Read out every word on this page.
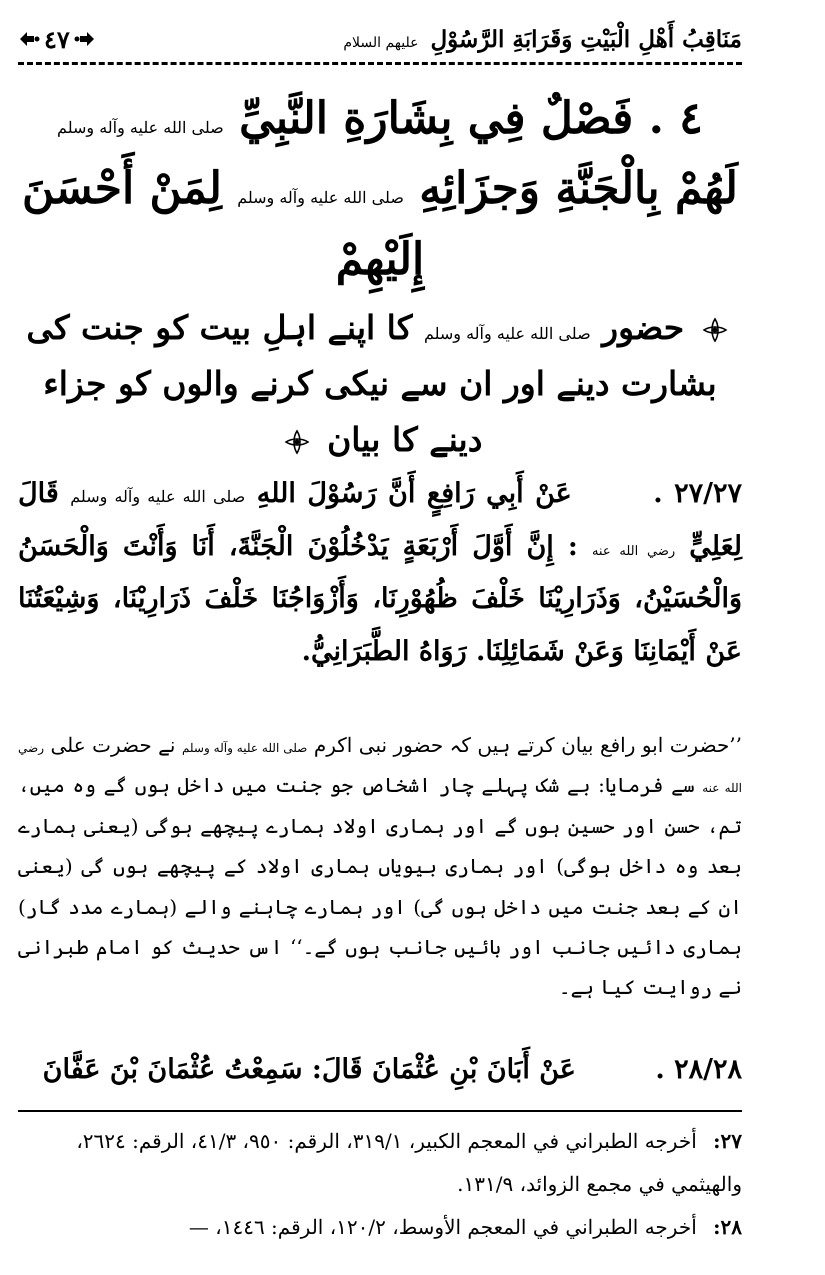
مَنَاقِبُ أَهْلِ الْبَيْتِ وَقَرَابَةِ الرَّسُوْلِ عليهم السلام
٤٧
٤ . فَصْلٌ فِي بِشَارَةِ النَّبِيِّ صلى الله عليه وآله وسلم لَهُمْ بِالْجَنَّةِ وَجزَائِهِ صلى الله عليه وآله وسلم لِمَنْ أَحْسَنَ إِلَيْهِمْ
حضور صلى الله عليه وآله وسلم کا اپنے اہلِ بیت کو جنت کی بشارت دینے اور ان سے نیکی کرنے والوں کو جزاء دینے کا بیان
٢٧/٢٧ . عَنْ أَبِي رَافِعٍ أَنَّ رَسُوْلَ اللهِ صلى الله عليه وآله وسلم قَالَ لِعَلِيٍّ رضي الله عنه : إِنَّ أَوَّلَ أَرْبَعَةٍ يَدْخُلُوْنَ الْجَنَّةَ، أَنَا وَأَنْتَ وَالْحَسَنُ وَالْحُسَيْنُ، وَذَرَارِيْنَا خَلْفَ ظُهُوْرِنَا، وَأَزْوَاجُنَا خَلْفَ ذَرَارِيْنَا، وَشِيْعَتُنَا عَنْ أَيْمَانِنَا وَعَنْ شَمَائِلِنَا. رَوَاهُ الطَّبَرَانِيُّ.
’’حضرت ابو رافع بیان کرتے ہیں کہ حضور نبی اکرم صلى الله عليه وآله وسلم نے حضرت علی رضي الله عنه سے فرمایا: بے شک پہلے چار اشخاص جو جنت میں داخل ہوں گے وہ میں، تم، حسن اور حسین ہوں گے اور ہماری اولاد ہمارے پیچھے ہوگی (یعنی ہمارے بعد وہ داخل ہوگی) اور ہماری بیویاں ہماری اولاد کے پیچھے ہوں گی (یعنی ان کے بعد جنت میں داخل ہوں گی) اور ہمارے چاہنے والے (ہمارے مدد گار) ہماری دائیں جانب اور بائیں جانب ہوں گے۔‘‘ اس حدیث کو امام طبرانی نے روایت کیا ہے۔
٢٨/٢٨ . عَنْ أَبَانَ بْنِ عُثْمَانَ قَالَ: سَمِعْتُ عُثْمَانَ بْنَ عَفَّانَ
٢٧: أخرجه الطبراني في المعجم الكبير، ٣١٩/١، الرقم: ٩٥٠، ٤١/٣، الرقم: ٢٦٢٤، والهيثمي في مجمع الزوائد، ١٣١/٩.
٢٨: أخرجه الطبراني في المعجم الأوسط، ١٢٠/٢، الرقم: ١٤٤٦، —
